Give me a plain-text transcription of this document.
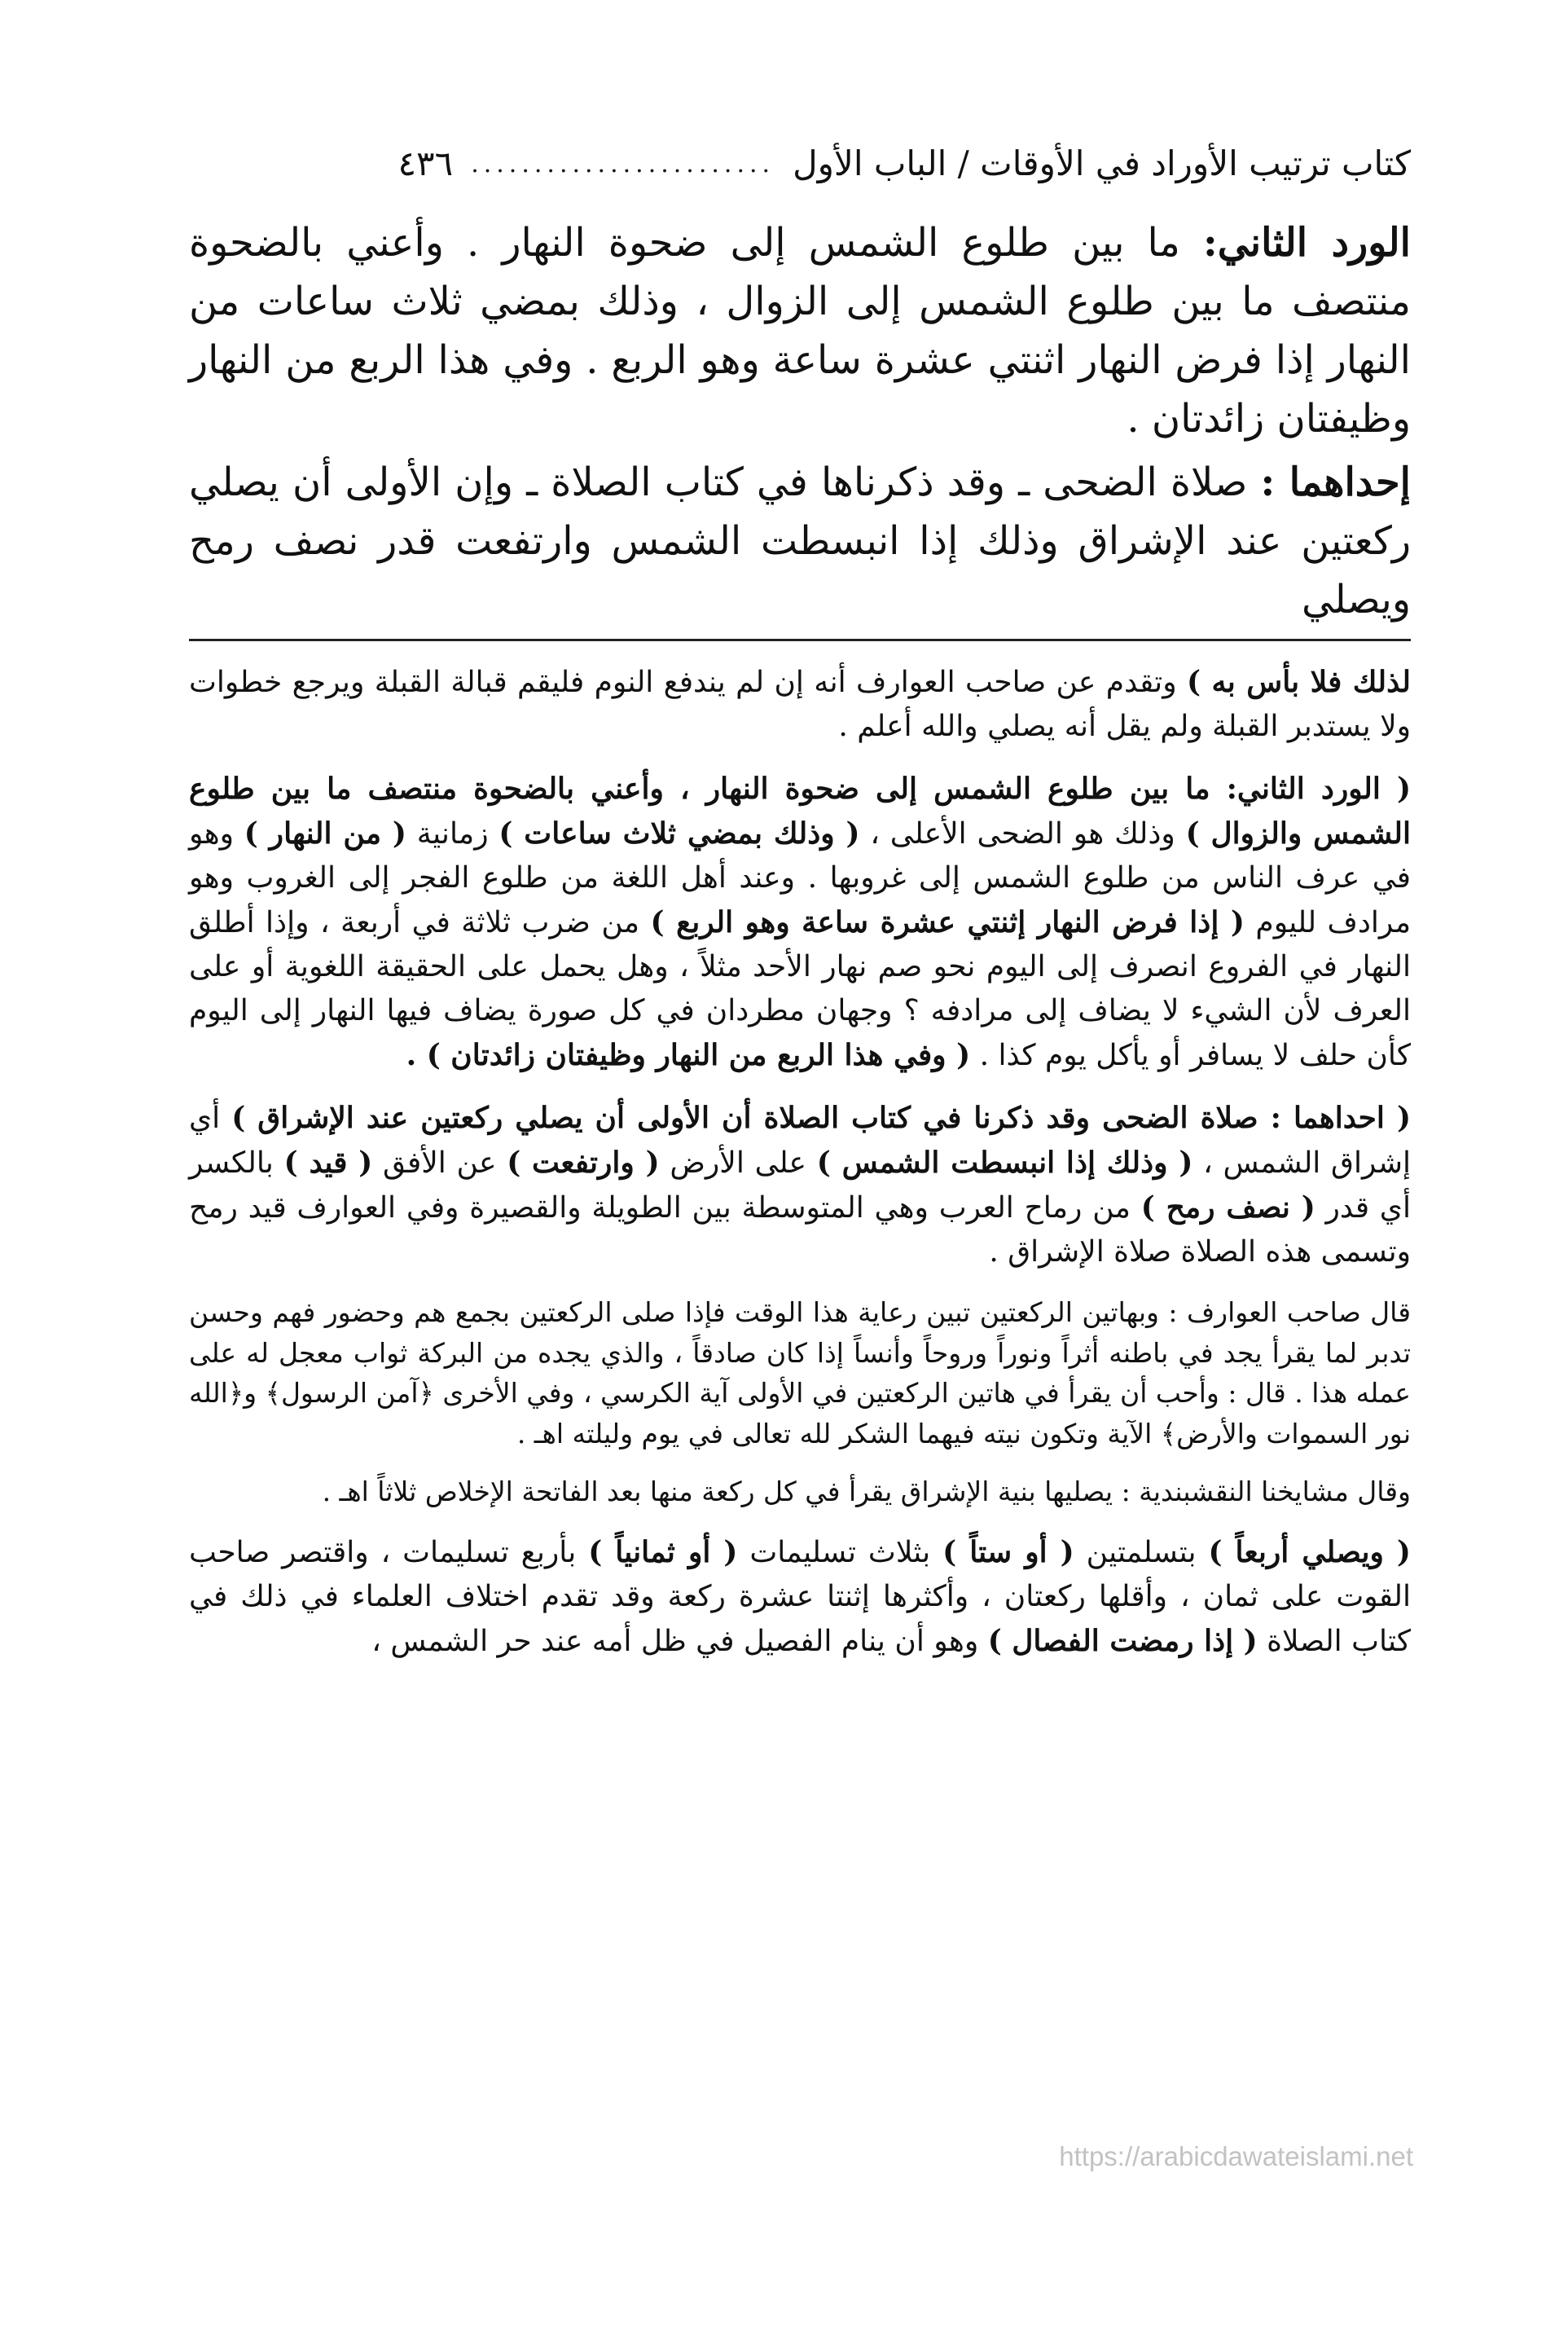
كتاب ترتيب الأوراد في الأوقات / الباب الأول
........................
٤٣٦

الورد الثاني: ما بين طلوع الشمس إلى ضحوة النهار . وأعني بالضحوة منتصف ما بين طلوع الشمس إلى الزوال ، وذلك بمضي ثلاث ساعات من النهار إذا فرض النهار اثنتي عشرة ساعة وهو الربع . وفي هذا الربع من النهار وظيفتان زائدتان .

إحداهما : صلاة الضحى ـ وقد ذكرناها في كتاب الصلاة ـ وإن الأولى أن يصلي ركعتين عند الإشراق وذلك إذا انبسطت الشمس وارتفعت قدر نصف رمح ويصلي

لذلك فلا بأس به ) وتقدم عن صاحب العوارف أنه إن لم يندفع النوم فليقم قبالة القبلة ويرجع خطوات ولا يستدبر القبلة ولم يقل أنه يصلي والله أعلم .

( الورد الثاني: ما بين طلوع الشمس إلى ضحوة النهار ، وأعني بالضحوة منتصف ما بين طلوع الشمس والزوال ) وذلك هو الضحى الأعلى ، ( وذلك بمضي ثلاث ساعات ) زمانية ( من النهار ) وهو في عرف الناس من طلوع الشمس إلى غروبها . وعند أهل اللغة من طلوع الفجر إلى الغروب وهو مرادف لليوم ( إذا فرض النهار إثنتي عشرة ساعة وهو الربع ) من ضرب ثلاثة في أربعة ، وإذا أطلق النهار في الفروع انصرف إلى اليوم نحو صم نهار الأحد مثلاً ، وهل يحمل على الحقيقة اللغوية أو على العرف لأن الشيء لا يضاف إلى مرادفه ؟ وجهان مطردان في كل صورة يضاف فيها النهار إلى اليوم كأن حلف لا يسافر أو يأكل يوم كذا . ( وفي هذا الربع من النهار وظيفتان زائدتان ) .

( احداهما : صلاة الضحى وقد ذكرنا في كتاب الصلاة أن الأولى أن يصلي ركعتين عند الإشراق ) أي إشراق الشمس ، ( وذلك إذا انبسطت الشمس ) على الأرض ( وارتفعت ) عن الأفق ( قيد ) بالكسر أي قدر ( نصف رمح ) من رماح العرب وهي المتوسطة بين الطويلة والقصيرة وفي العوارف قيد رمح وتسمى هذه الصلاة صلاة الإشراق .

قال صاحب العوارف : وبهاتين الركعتين تبين رعاية هذا الوقت فإذا صلى الركعتين بجمع هم وحضور فهم وحسن تدبر لما يقرأ يجد في باطنه أثراً ونوراً وروحاً وأنساً إذا كان صادقاً ، والذي يجده من البركة ثواب معجل له على عمله هذا . قال : وأحب أن يقرأ في هاتين الركعتين في الأولى آية الكرسي ، وفي الأخرى ﴿آمن الرسول﴾ و﴿الله نور السموات والأرض﴾ الآية وتكون نيته فيهما الشكر لله تعالى في يوم وليلته اهـ .

وقال مشايخنا النقشبندية : يصليها بنية الإشراق يقرأ في كل ركعة منها بعد الفاتحة الإخلاص ثلاثاً اهـ .

( ويصلي أربعاً ) بتسلمتين ( أو ستاً ) بثلاث تسليمات ( أو ثمانياً ) بأربع تسليمات ، واقتصر صاحب القوت على ثمان ، وأقلها ركعتان ، وأكثرها إثنتا عشرة ركعة وقد تقدم اختلاف العلماء في ذلك في كتاب الصلاة ( إذا رمضت الفصال ) وهو أن ينام الفصيل في ظل أمه عند حر الشمس ،

https://arabicdawateislami.net
